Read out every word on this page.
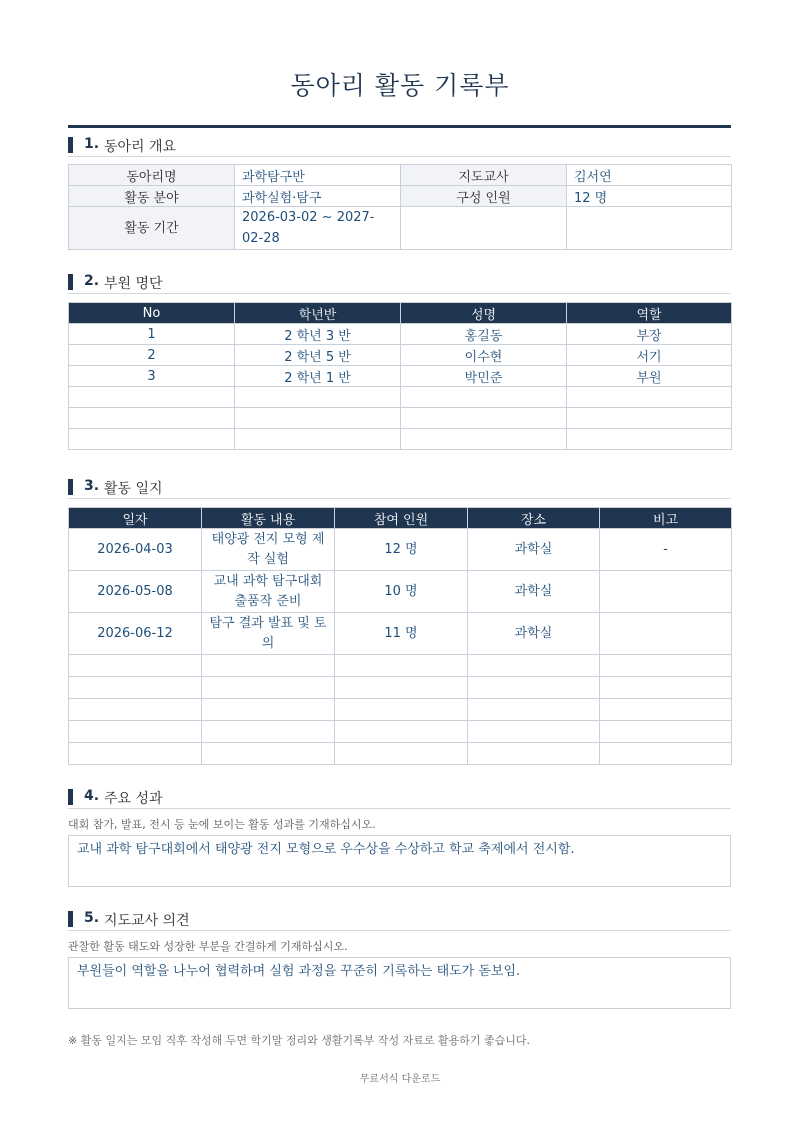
동아리 활동 기록부
1. 동아리 개요
동아리명	과학탐구반	지도교사	김서연
활동 분야	과학실험·탐구	구성 인원	12 명
활동 기간	2026-03-02 ~ 2027-02-28		
2. 부원 명단
No	학년반	성명	역할
1	2 학년 3 반	홍길동	부장
2	2 학년 5 반	이수현	서기
3	2 학년 1 반	박민준	부원

3. 활동 일지
일자	활동 내용	참여 인원	장소	비고
2026-04-03	태양광 전지 모형 제작 실험	12 명	과학실	-
2026-05-08	교내 과학 탐구대회 출품작 준비	10 명	과학실	
2026-06-12	탐구 결과 발표 및 토의	11 명	과학실	

4. 주요 성과
대회 참가, 발표, 전시 등 눈에 보이는 활동 성과를 기재하십시오.
교내 과학 탐구대회에서 태양광 전지 모형으로 우수상을 수상하고 학교 축제에서 전시함.
5. 지도교사 의견
관찰한 활동 태도와 성장한 부분을 간결하게 기재하십시오.
부원들이 역할을 나누어 협력하며 실험 과정을 꾸준히 기록하는 태도가 돋보임.
※ 활동 일지는 모임 직후 작성해 두면 학기말 정리와 생활기록부 작성 자료로 활용하기 좋습니다.
무료서식 다운로드
